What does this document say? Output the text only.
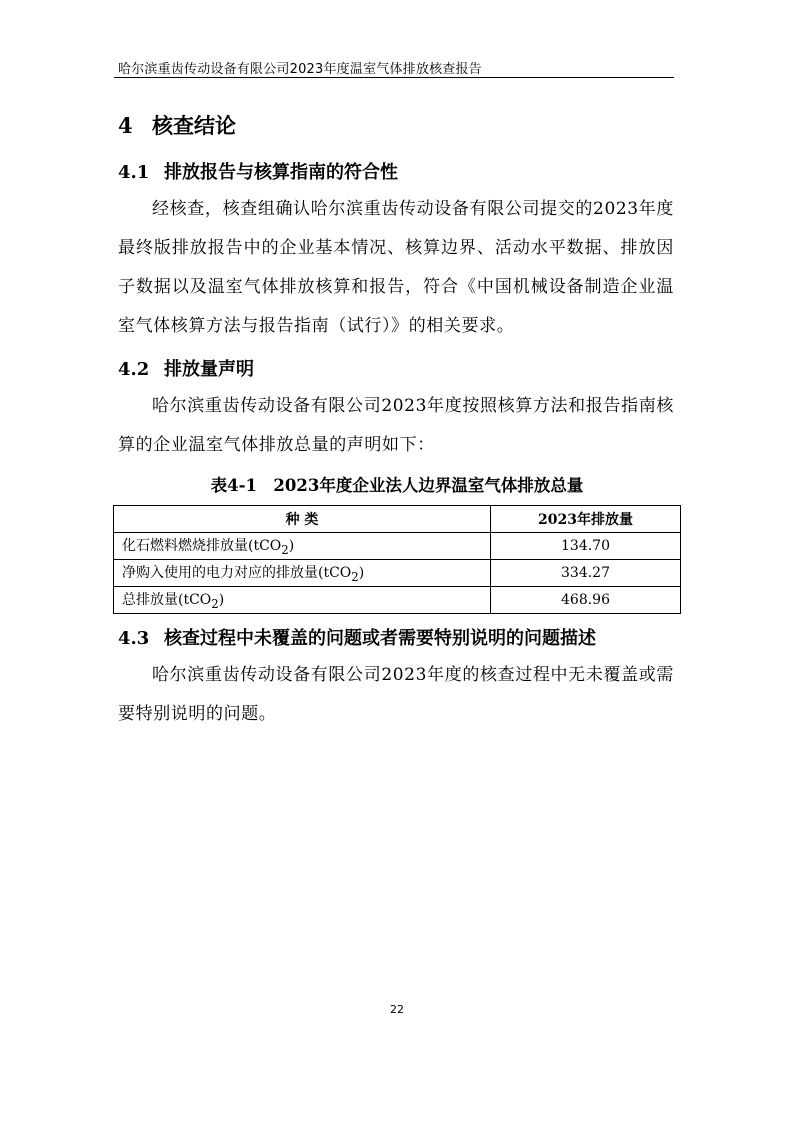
哈尔滨重齿传动设备有限公司2023年度温室气体排放核查报告
4 核查结论
4.1 排放报告与核算指南的符合性
经核查，核查组确认哈尔滨重齿传动设备有限公司提交的2023年度最终版排放报告中的企业基本情况、核算边界、活动水平数据、排放因子数据以及温室气体排放核算和报告，符合《中国机械设备制造企业温室气体核算方法与报告指南（试行）》的相关要求。
4.2 排放量声明
哈尔滨重齿传动设备有限公司2023年度按照核算方法和报告指南核算的企业温室气体排放总量的声明如下：
表4-1　2023年度企业法人边界温室气体排放总量
种 类	2023年排放量
化石燃料燃烧排放量(tCO$_2$)	134.70
净购入使用的电力对应的排放量(tCO$_2$)	334.27
总排放量(tCO$_2$)	468.96
4.3 核查过程中未覆盖的问题或者需要特别说明的问题描述
哈尔滨重齿传动设备有限公司2023年度的核查过程中无未覆盖或需要特别说明的问题。
22
